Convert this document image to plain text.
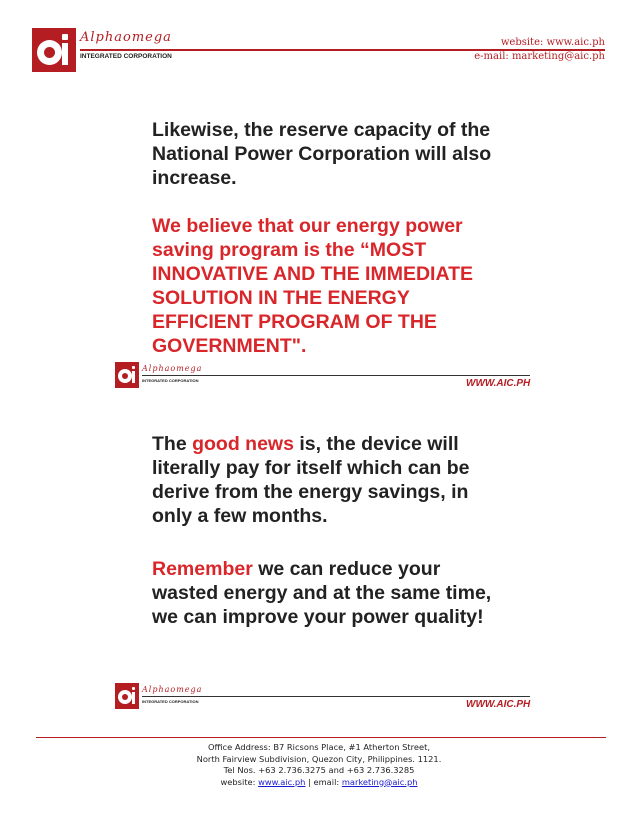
Alphaomega
INTEGRATED CORPORATION
website: www.aic.ph
e-mail: marketing@aic.ph
Likewise, the reserve capacity of the National Power Corporation will also increase.
We believe that our energy power saving program is the “MOST INNOVATIVE AND THE IMMEDIATE SOLUTION IN THE ENERGY EFFICIENT PROGRAM OF THE GOVERNMENT".
Alphaomega
INTEGRATED CORPORATION	WWW.AIC.PH
The good news is, the device will literally pay for itself which can be derive from the energy savings, in only a few months.
Remember we can reduce your wasted energy and at the same time, we can improve your power quality!
Alphaomega
INTEGRATED CORPORATION	WWW.AIC.PH
Office Address: B7 Ricsons Place, #1 Atherton Street,
North Fairview Subdivision, Quezon City, Philippines. 1121.
Tel Nos. +63 2.736.3275 and +63 2.736.3285
website: www.aic.ph | email: marketing@aic.ph
